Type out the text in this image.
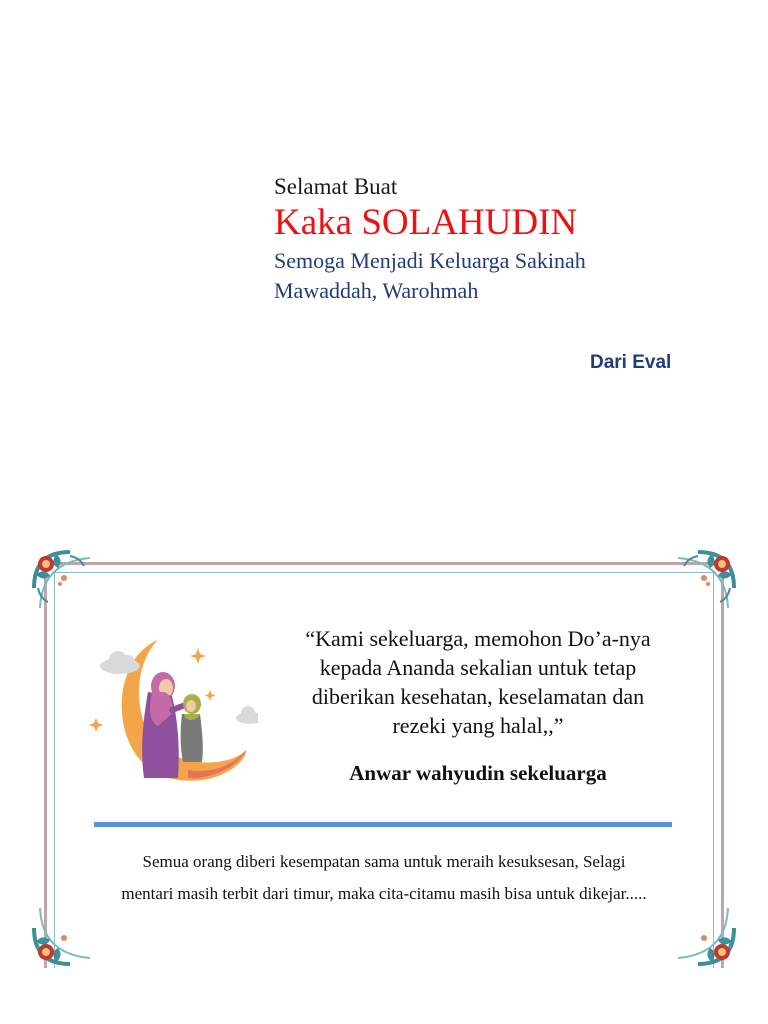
Selamat Buat
Kaka SOLAHUDIN
Semoga Menjadi Keluarga Sakinah
Mawaddah, Warohmah
Dari Eval
“Kami sekeluarga, memohon Do’a-nya
kepada Ananda sekalian untuk tetap
diberikan kesehatan, keselamatan dan
rezeki yang halal,,”
Anwar wahyudin sekeluarga
Semua orang diberi kesempatan sama untuk meraih kesuksesan, Selagi
mentari masih terbit dari timur, maka cita-citamu masih bisa untuk dikejar.....
